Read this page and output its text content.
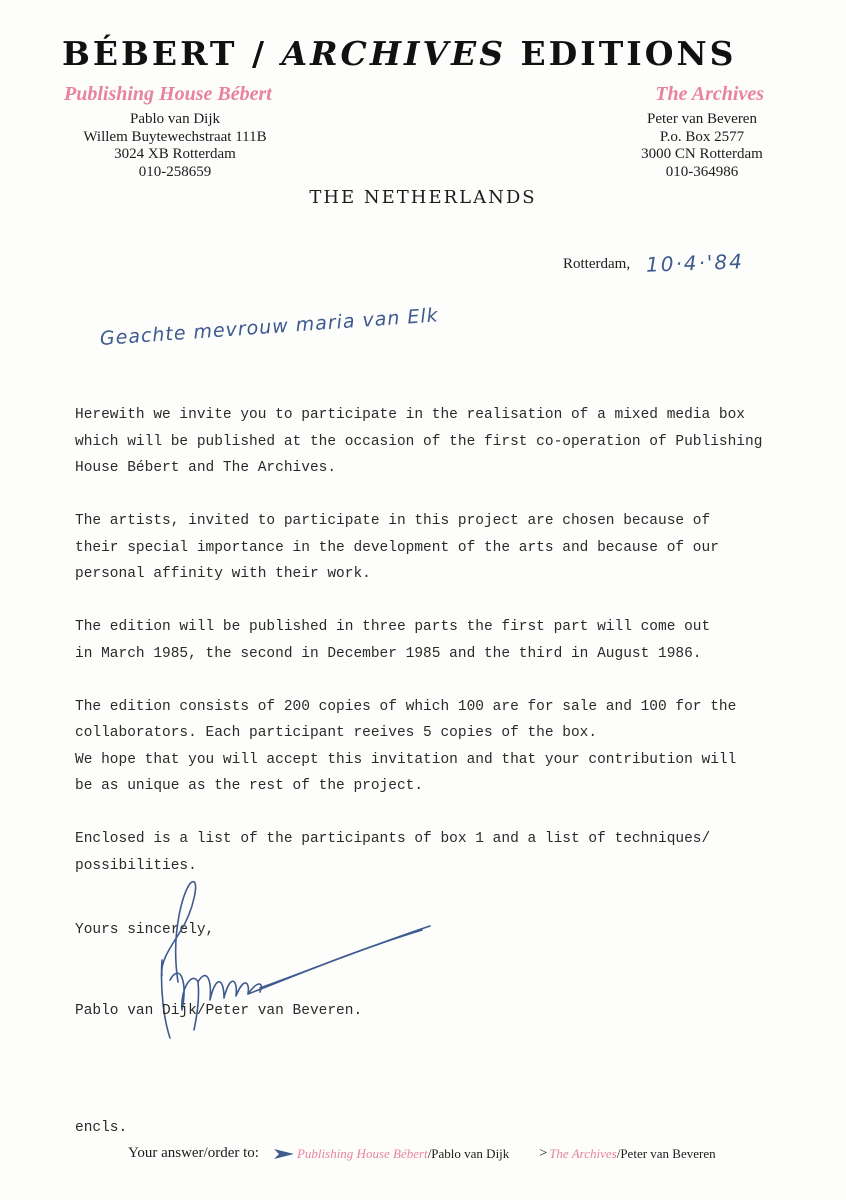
BÉBERT / ARCHIVES EDITIONS
Publishing House Bébert	The Archives
Pablo van Dijk
Willem Buytewechstraat 111B
3024 XB Rotterdam
010-258659
Peter van Beveren
P.o. Box 2577
3000 CN Rotterdam
010-364986
THE NETHERLANDS
Rotterdam, 10·4·'84
Geachte mevrouw maria van Elk

Herewith we invite you to participate in the realisation of a mixed media box
which will be published at the occasion of the first co-operation of Publishing
House Bébert and The Archives.

The artists, invited to participate in this project are chosen because of
their special importance in the development of the arts and because of our
personal affinity with their work.

The edition will be published in three parts the first part will come out
in March 1985, the second in December 1985 and the third in August 1986.

The edition consists of 200 copies of which 100 are for sale and 100 for the
collaborators. Each participant reeives 5 copies of the box.
We hope that you will accept this invitation and that your contribution will
be as unique as the rest of the project.

Enclosed is a list of the participants of box 1 and a list of techniques/
possibilities.

Yours sincerely,
Pablo van Dijk/Peter van Beveren.
encls.
Your answer/order to:	Publishing House Bébert /Pablo van Dijk > The Archives /Peter van Beveren
